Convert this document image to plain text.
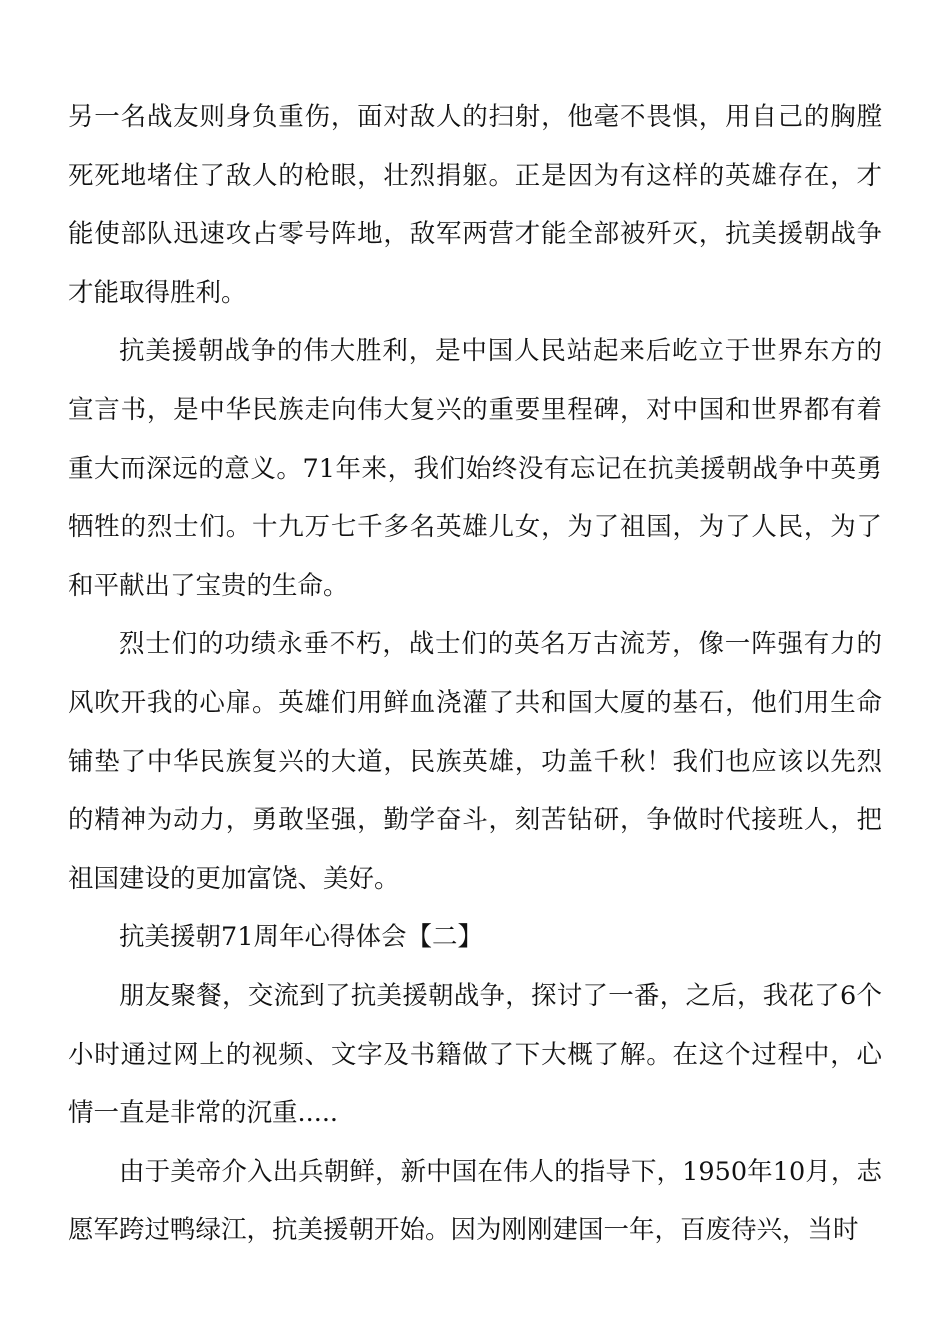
另一名战友则身负重伤，面对敌人的扫射，他毫不畏惧，用自己的胸膛死死地堵住了敌人的枪眼，壮烈捐躯。正是因为有这样的英雄存在，才能使部队迅速攻占零号阵地，敌军两营才能全部被歼灭，抗美援朝战争才能取得胜利。

抗美援朝战争的伟大胜利，是中国人民站起来后屹立于世界东方的宣言书，是中华民族走向伟大复兴的重要里程碑，对中国和世界都有着重大而深远的意义。71年来，我们始终没有忘记在抗美援朝战争中英勇牺牲的烈士们。十九万七千多名英雄儿女，为了祖国，为了人民，为了和平献出了宝贵的生命。

烈士们的功绩永垂不朽，战士们的英名万古流芳，像一阵强有力的风吹开我的心扉。英雄们用鲜血浇灌了共和国大厦的基石，他们用生命铺垫了中华民族复兴的大道，民族英雄，功盖千秋！我们也应该以先烈的精神为动力，勇敢坚强，勤学奋斗，刻苦钻研，争做时代接班人，把祖国建设的更加富饶、美好。

抗美援朝71周年心得体会【二】

朋友聚餐，交流到了抗美援朝战争，探讨了一番，之后，我花了6个小时通过网上的视频、文字及书籍做了下大概了解。在这个过程中，心情一直是非常的沉重.....

由于美帝介入出兵朝鲜，新中国在伟人的指导下，1950年10月，志愿军跨过鸭绿江，抗美援朝开始。因为刚刚建国一年，百废待兴，当时
